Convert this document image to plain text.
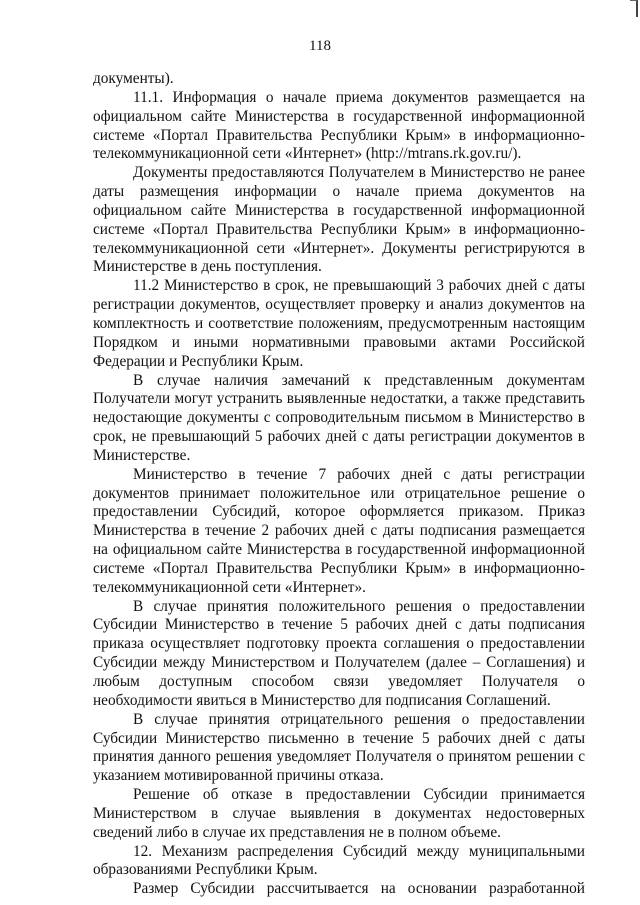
118

документы).

11.1. Информация о начале приема документов размещается на официальном сайте Министерства в государственной информационной системе «Портал Правительства Республики Крым» в информационно-телекоммуникационной сети «Интернет» (http://mtrans.rk.gov.ru/).

Документы предоставляются Получателем в Министерство не ранее даты размещения информации о начале приема документов на официальном сайте Министерства в государственной информационной системе «Портал Правительства Республики Крым» в информационно-телекоммуникационной сети «Интернет». Документы регистрируются в Министерстве в день поступления.

11.2 Министерство в срок, не превышающий 3 рабочих дней с даты регистрации документов, осуществляет проверку и анализ документов на комплектность и соответствие положениям, предусмотренным настоящим Порядком и иными нормативными правовыми актами Российской Федерации и Республики Крым.

В случае наличия замечаний к представленным документам Получатели могут устранить выявленные недостатки, а также представить недостающие документы с сопроводительным письмом в Министерство в срок, не превышающий 5 рабочих дней с даты регистрации документов в Министерстве.

Министерство в течение 7 рабочих дней с даты регистрации документов принимает положительное или отрицательное решение о предоставлении Субсидий, которое оформляется приказом. Приказ Министерства в течение 2 рабочих дней с даты подписания размещается на официальном сайте Министерства в государственной информационной системе «Портал Правительства Республики Крым» в информационно-телекоммуникационной сети «Интернет».

В случае принятия положительного решения о предоставлении Субсидии Министерство в течение 5 рабочих дней с даты подписания приказа осуществляет подготовку проекта соглашения о предоставлении Субсидии между Министерством и Получателем (далее – Соглашения) и любым доступным способом связи уведомляет Получателя о необходимости явиться в Министерство для подписания Соглашений.

В случае принятия отрицательного решения о предоставлении Субсидии Министерство письменно в течение 5 рабочих дней с даты принятия данного решения уведомляет Получателя о принятом решении с указанием мотивированной причины отказа.

Решение об отказе в предоставлении Субсидии принимается Министерством в случае выявления в документах недостоверных сведений либо в случае их представления не в полном объеме.

12. Механизм распределения Субсидий между муниципальными образованиями Республики Крым.

Размер Субсидии рассчитывается на основании разработанной
